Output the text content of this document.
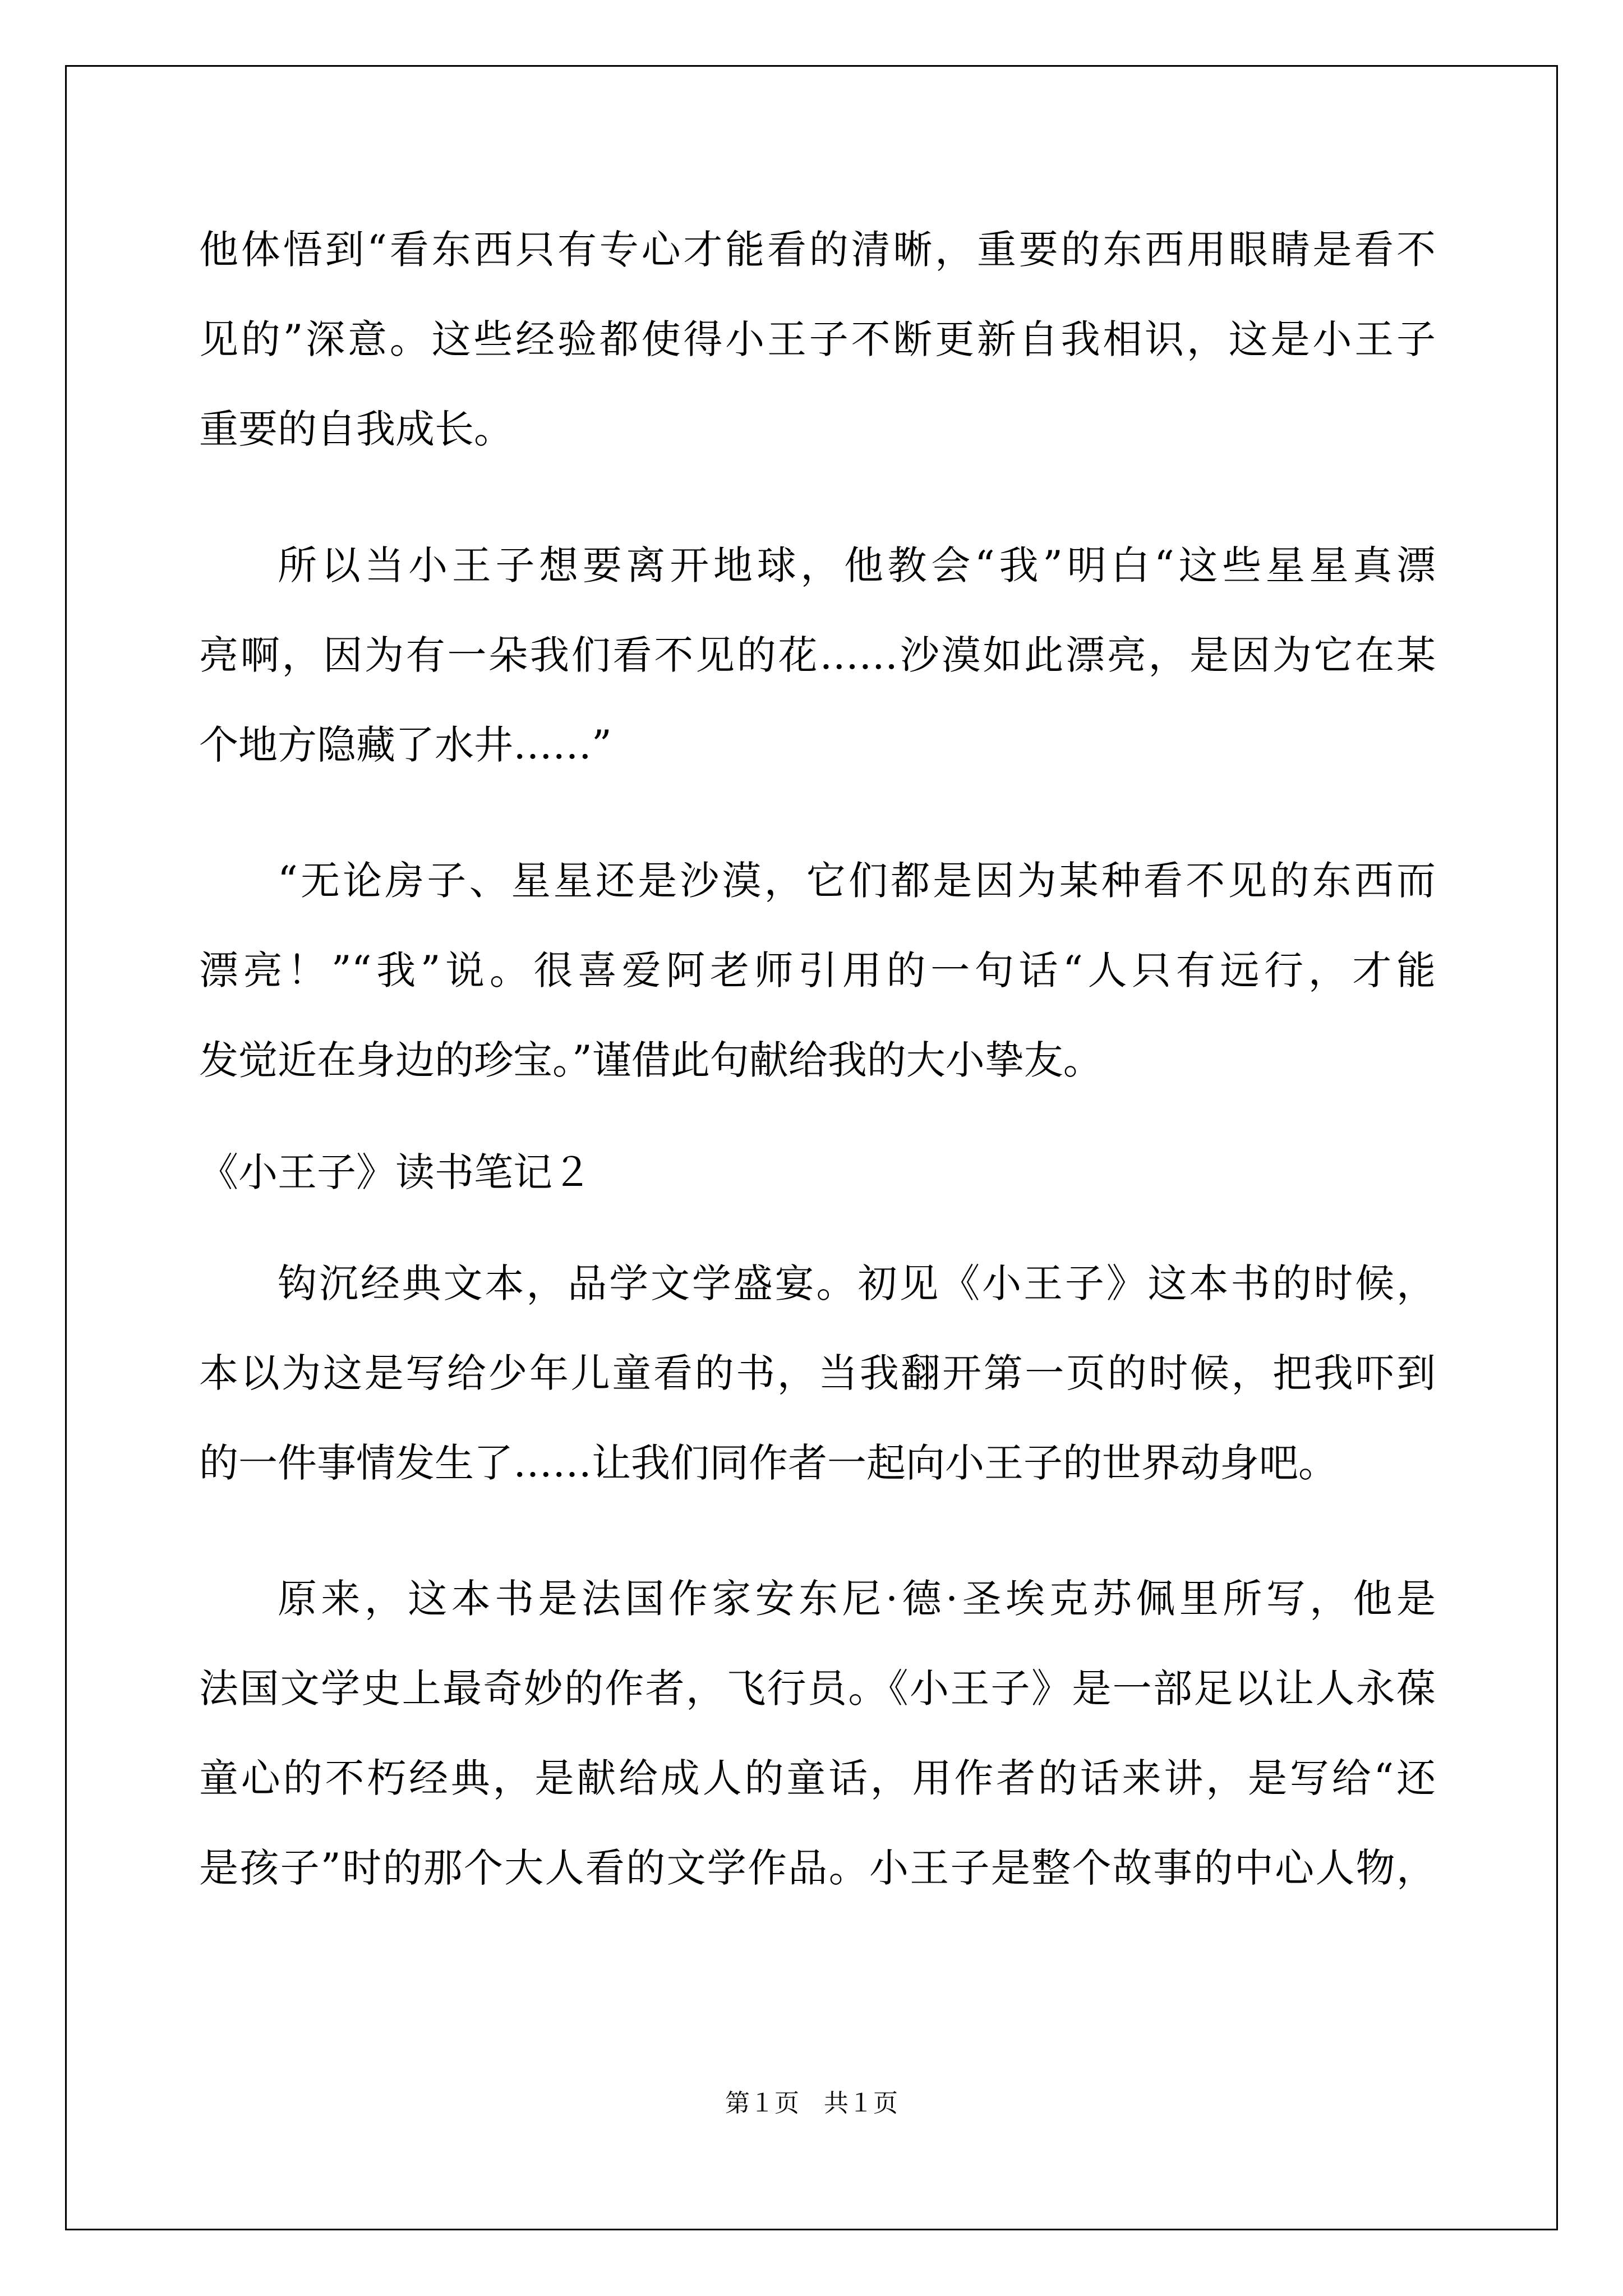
他体悟到“看东西只有专心才能看的清晰，重要的东西用眼睛是看不
见的”深意。这些经验都使得小王子不断更新自我相识，这是小王子
重要的自我成长。
所以当小王子想要离开地球，他教会“我”明白“这些星星真漂
亮啊，因为有一朵我们看不见的花……沙漠如此漂亮，是因为它在某
个地方隐藏了水井……”
“无论房子、星星还是沙漠，它们都是因为某种看不见的东西而
漂亮！”“我”说。很喜爱阿老师引用的一句话“人只有远行，才能
发觉近在身边的珍宝。”谨借此句献给我的大小挚友。
《小王子》读书笔记２
钩沉经典文本，品学文学盛宴。初见《小王子》这本书的时候，
本以为这是写给少年儿童看的书，当我翻开第一页的时候，把我吓到
的一件事情发生了……让我们同作者一起向小王子的世界动身吧。
原来，这本书是法国作家安东尼·德·圣埃克苏佩里所写，他是
法国文学史上最奇妙的作者，飞行员。《小王子》是一部足以让人永葆
童心的不朽经典，是献给成人的童话，用作者的话来讲，是写给“还
是孩子”时的那个大人看的文学作品。小王子是整个故事的中心人物，
第１页　共１页
